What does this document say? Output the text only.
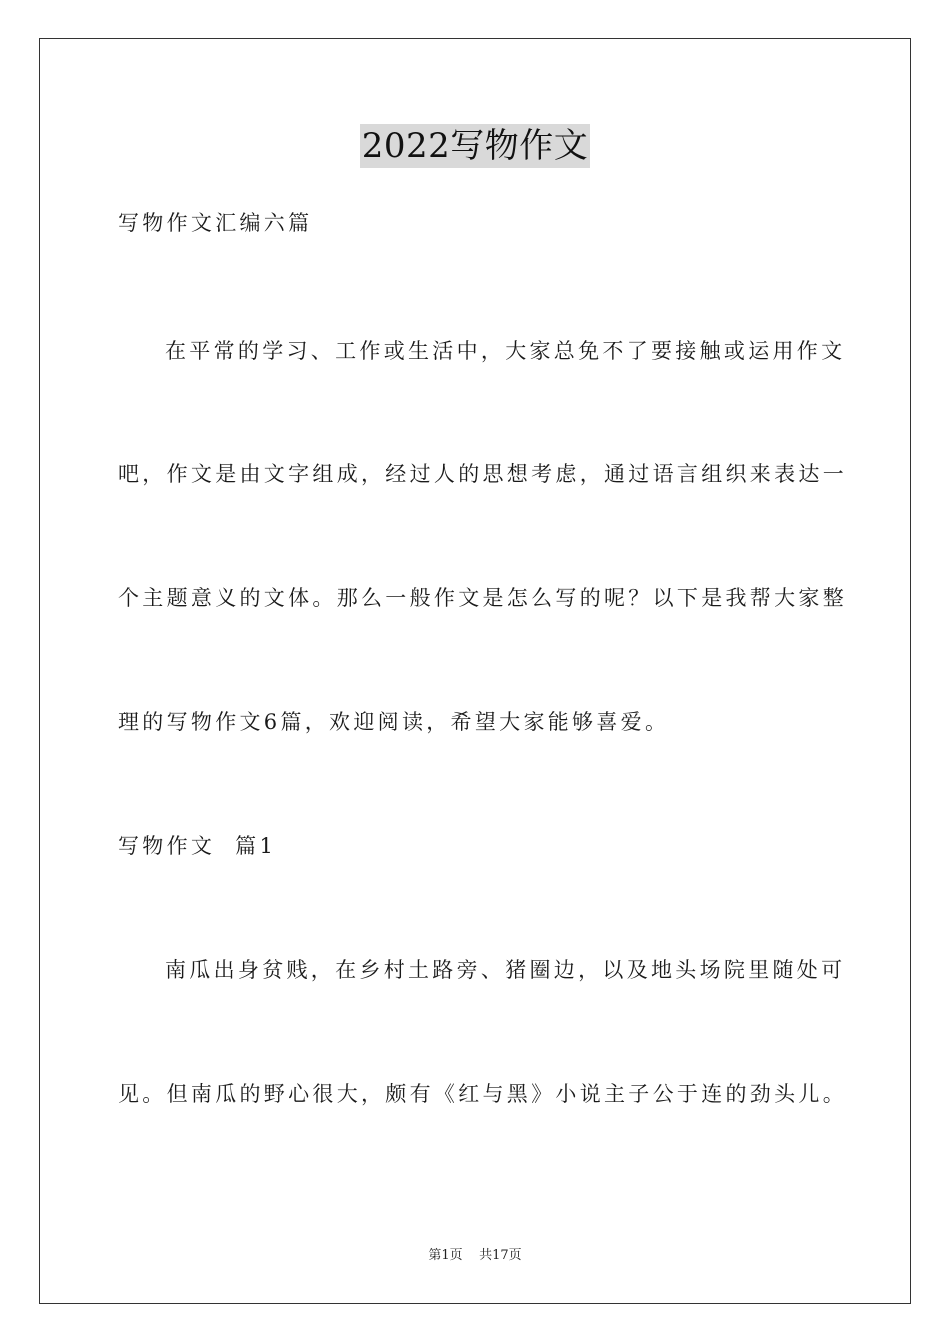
2022写物作文
写物作文汇编六篇
在平常的学习、工作或生活中，大家总免不了要接触或运用作文
吧，作文是由文字组成，经过人的思想考虑，通过语言组织来表达一
个主题意义的文体。那么一般作文是怎么写的呢？以下是我帮大家整
理的写物作文6篇，欢迎阅读，希望大家能够喜爱。
写物作文  篇1
南瓜出身贫贱，在乡村土路旁、猪圈边，以及地头场院里随处可
见。但南瓜的野心很大，颇有《红与黑》小说主子公于连的劲头儿。
第1页 共17页
